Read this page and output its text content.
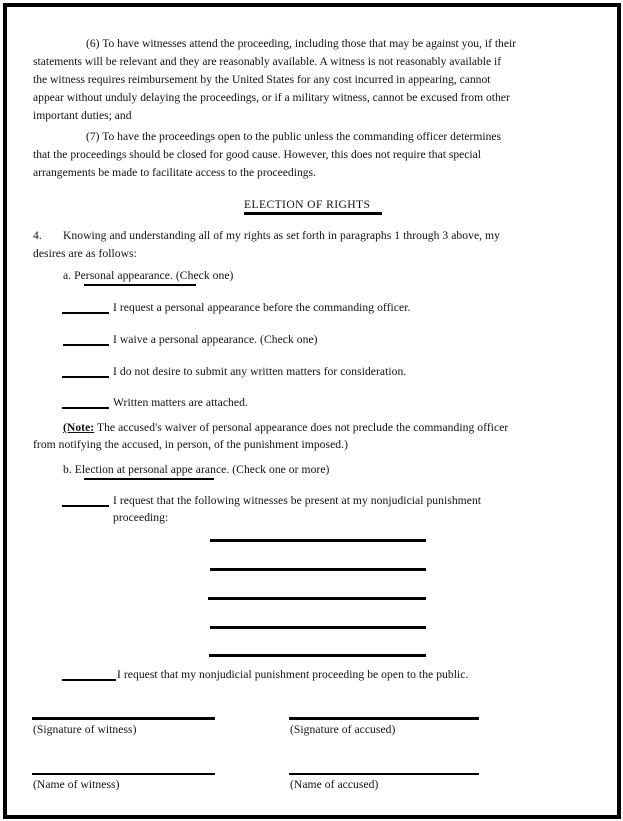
(6) To have witnesses attend the proceeding, including those that may be against you, if their
statements will be relevant and they are reasonably available. A witness is not reasonably available if
the witness requires reimbursement by the United States for any cost incurred in appearing, cannot
appear without unduly delaying the proceedings, or if a military witness, cannot be excused from other
important duties; and
(7) To have the proceedings open to the public unless the commanding officer determines
that the proceedings should be closed for good cause. However, this does not require that special
arrangements be made to facilitate access to the proceedings.
ELECTION OF RIGHTS
4. Knowing and understanding all of my rights as set forth in paragraphs 1 through 3 above, my
desires are as follows:
a. Personal appearance. (Check one)
I request a personal appearance before the commanding officer.
I waive a personal appearance. (Check one)
I do not desire to submit any written matters for consideration.
Written matters are attached.
(Note: The accused's waiver of personal appearance does not preclude the commanding officer
from notifying the accused, in person, of the punishment imposed.)
b. Election at personal appe arance. (Check one or more)
I request that the following witnesses be present at my nonjudicial punishment
proceeding:
I request that my nonjudicial punishment proceeding be open to the public.
(Signature of witness)	(Signature of accused)
(Name of witness)	(Name of accused)
